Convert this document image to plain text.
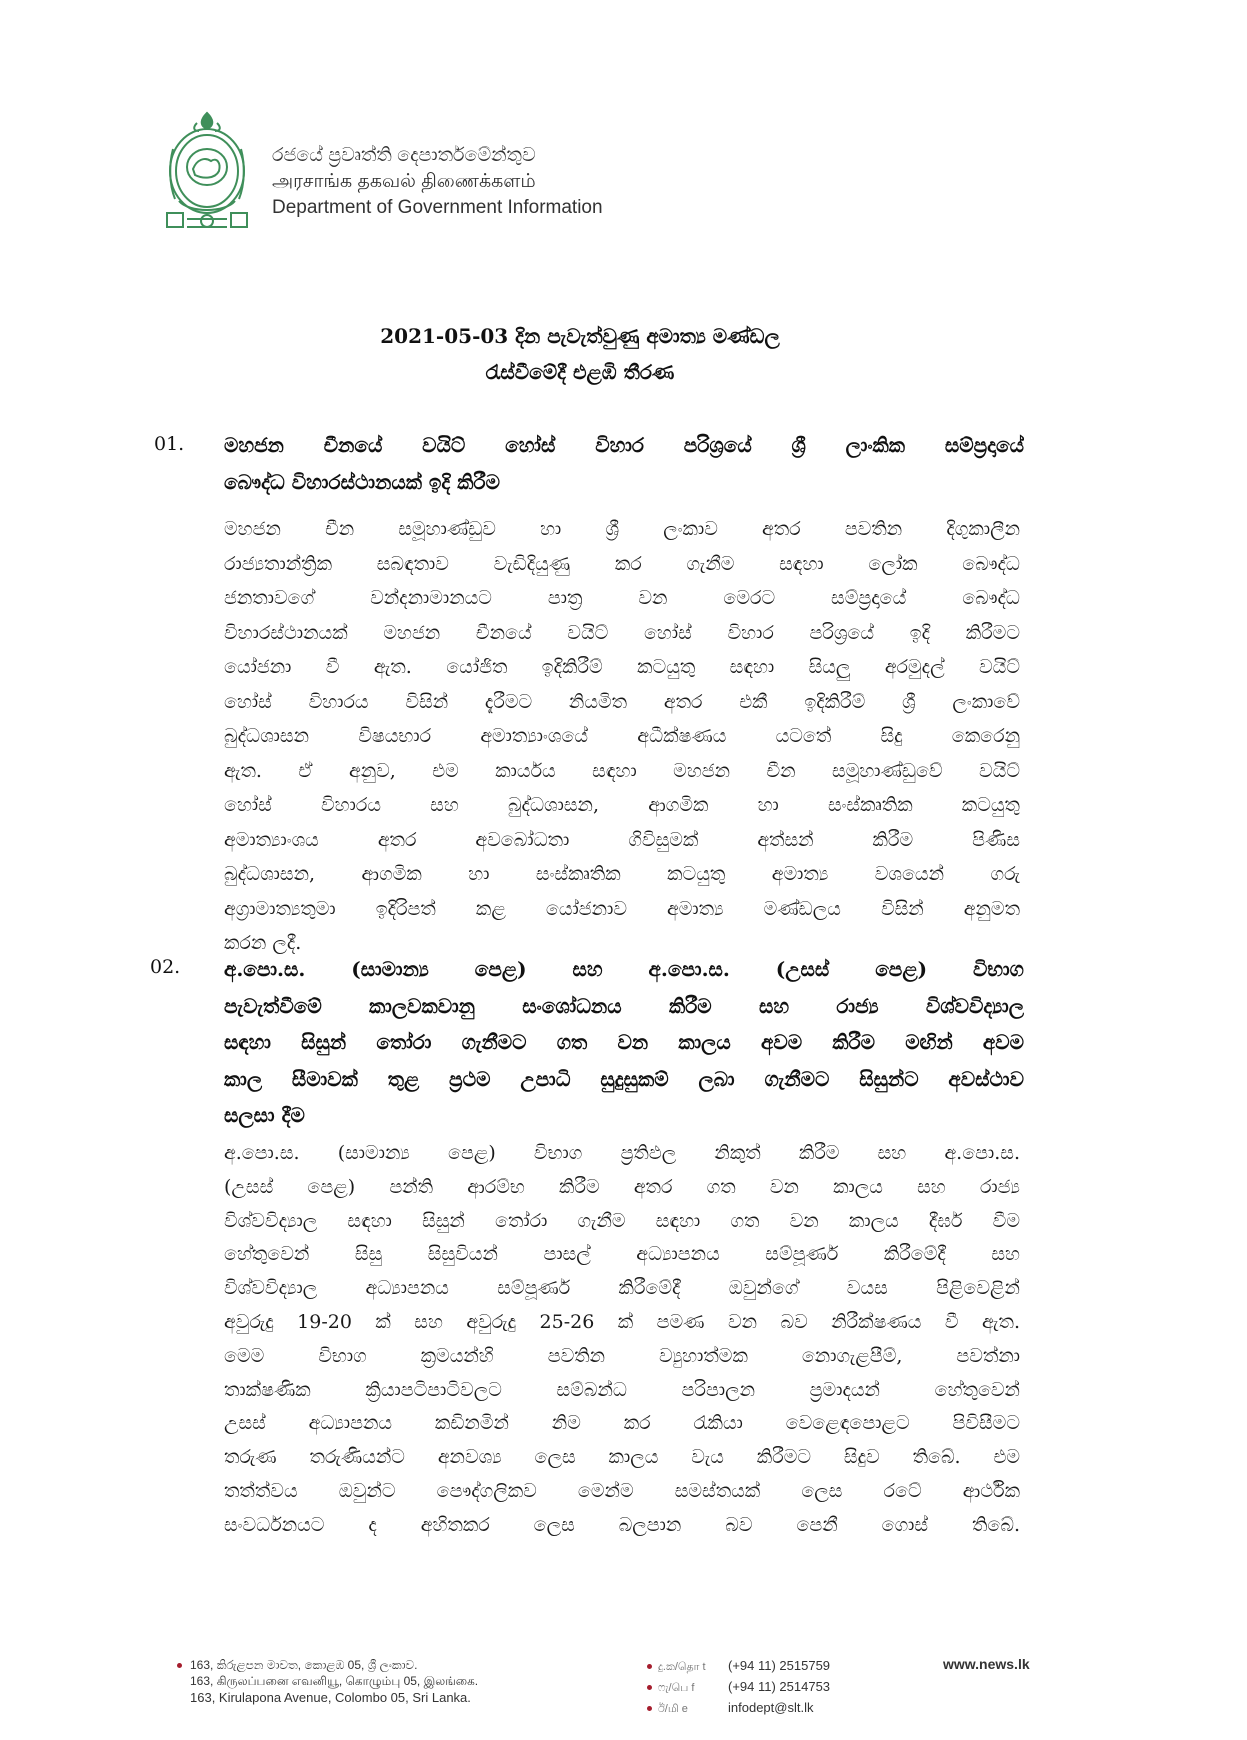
රජයේ ප්‍රවෘත්ති දෙපාර්තමේන්තුව
அரசாங்க தகவல் திணைக்களம்
Department of Government Information
2021-05-03 දින පැවැත්වුණු අමාත්‍ය මණ්ඩල
රැස්වීමේදී එළඹි තීරණ
01. මහජන චීනයේ වයිට් හෝස් විහාර පරිශ්‍රයේ ශ්‍රී ලාංකික සම්ප්‍රදායේ
බෞද්ධ විහාරස්ථානයක් ඉදි කිරීම
මහජන චීන සමූහාණ්ඩුව හා ශ්‍රී ලංකාව අතර පවතින දිගුකාලීන
රාජ්‍යතාන්ත්‍රික සබඳතාව වැඩිදියුණු කර ගැනීම සඳහා ලෝක බෞද්ධ
ජනතාවගේ වන්දනාමානයට පාත්‍ර වන මෙරට සම්ප්‍රදායේ බෞද්ධ
විහාරස්ථානයක් මහජන චීනයේ වයිට් හෝස් විහාර පරිශ්‍රයේ ඉදි කිරීමට
යෝජනා වී ඇත. යෝජිත ඉදිකිරීම් කටයුතු සඳහා සියලු අරමුදල් වයිට්
හෝස් විහාරය විසින් දැරීමට නියමිත අතර එකී ඉදිකිරීම් ශ්‍රී ලංකාවේ
බුද්ධශාසන විෂයභාර අමාත්‍යාංශයේ අධීක්ෂණය යටතේ සිදු කෙරෙනු
ඇත. ඒ අනුව, එම කාර්යය සඳහා මහජන චීන සමූහාණ්ඩුවේ වයිට්
හෝස් විහාරය සහ බුද්ධශාසන, ආගමික හා සංස්කෘතික කටයුතු
අමාත්‍යාංශය අතර අවබෝධතා ගිවිසුමක් අත්සන් කිරීම පිණිස
බුද්ධශාසන, ආගමික හා සංස්කෘතික කටයුතු අමාත්‍ය වශයෙන් ගරු
අග්‍රාමාත්‍යතුමා ඉදිරිපත් කළ යෝජනාව අමාත්‍ය මණ්ඩලය විසින් අනුමත
කරන ලදී.
02. අ.පො.ස. (සාමාන්‍ය පෙළ) සහ අ.පො.ස. (උසස් පෙළ) විභාග
පැවැත්වීමේ කාලවකවානු සංශෝධනය කිරීම සහ රාජ්‍ය විශ්වවිද්‍යාල
සඳහා සිසුන් තෝරා ගැනීමට ගත වන කාලය අවම කිරීම මඟින් අවම
කාල සීමාවක් තුළ ප්‍රථම උපාධි සුදුසුකම් ලබා ගැනීමට සිසුන්ට අවස්ථාව
සලසා දීම
අ.පො.ස. (සාමාන්‍ය පෙළ) විභාග ප්‍රතිඵල නිකුත් කිරීම සහ අ.පො.ස.
(උසස් පෙළ) පන්ති ආරම්භ කිරීම අතර ගත වන කාලය සහ රාජ්‍ය
විශ්වවිද්‍යාල සඳහා සිසුන් තෝරා ගැනීම සඳහා ගත වන කාලය දීර්ඝ වීම
හේතුවෙන් සිසු සිසුවියන් පාසල් අධ්‍යාපනය සම්පූර්ණ කිරීමේදී සහ
විශ්වවිද්‍යාල අධ්‍යාපනය සම්පූර්ණ කිරීමේදී ඔවුන්ගේ වයස පිළිවෙළින්
අවුරුදු 19-20 ක් සහ අවුරුදු 25-26 ක් පමණ වන බව නිරීක්ෂණය වී ඇත.
මෙම විභාග ක්‍රමයන්හි පවතින ව්‍යුහාත්මක නොගැළපීම්, පවත්නා
තාක්ෂණික ක්‍රියාපටිපාටිවලට සම්බන්ධ පරිපාලන ප්‍රමාදයන් හේතුවෙන්
උසස් අධ්‍යාපනය කඩිනමින් නිම කර රැකියා වෙළෙඳපොළට පිවිසීමට
තරුණ තරුණියන්ට අනවශ්‍ය ලෙස කාලය වැය කිරීමට සිදුව තිබේ. එම
තත්ත්වය ඔවුන්ට පෞද්ගලිකව මෙන්ම සමස්තයක් ලෙස රටේ ආර්ථික
සංවර්ධනයට ද අහිතකර ලෙස බලපාන බව පෙනී ගොස් තිබේ.
163, කිරුළපන මාවත, කොළඹ 05, ශ්‍රී ලංකාව.
163, கிருலப்பனை எவனியூ, கொழும்பு 05, இலங்கை.
163, Kirulapona Avenue, Colombo 05, Sri Lanka.
දු.ක/தொ t (+94 11) 2515759
ෆැ/பெ f	(+94 11) 2514753
ඊ/மி e	infodept@slt.lk
www.news.lk
